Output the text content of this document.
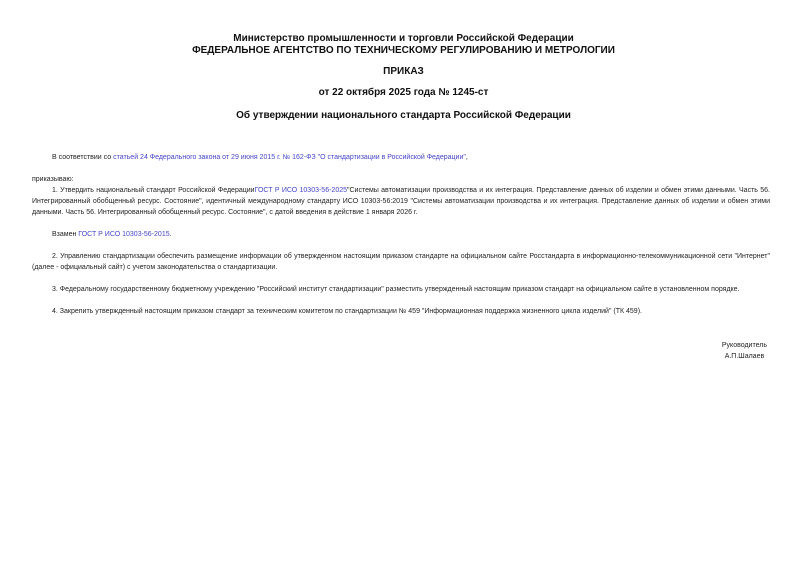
Министерство промышленности и торговли Российской Федерации
ФЕДЕРАЛЬНОЕ АГЕНТСТВО ПО ТЕХНИЧЕСКОМУ РЕГУЛИРОВАНИЮ И МЕТРОЛОГИИ
ПРИКАЗ
от 22 октября 2025 года № 1245-ст
Об утверждении национального стандарта Российской Федерации

В соответствии со статьей 24 Федерального закона от 29 июня 2015 г. № 162-ФЗ "О стандартизации в Российской Федерации",

приказываю:

1. Утвердить национальный стандарт Российской ФедерацииГОСТ Р ИСО 10303-56-2025"Системы автоматизации производства и их интеграция. Представление данных об изделии и обмен этими данными. Часть 56. Интегрированный обобщенный ресурс. Состояние", идентичный международному стандарту ИСО 10303-56:2019 "Системы автоматизации производства и их интеграция. Представление данных об изделии и обмен этими данными. Часть 56. Интегрированный обобщенный ресурс. Состояние", с датой введения в действие 1 января 2026 г.

Взамен ГОСТ Р ИСО 10303-56-2015.

2. Управлению стандартизации обеспечить размещение информации об утвержденном настоящим приказом стандарте на официальном сайте Росстандарта в информационно-телекоммуникационной сети "Интернет" (далее - официальный сайт) с учетом законодательства о стандартизации.

3. Федеральному государственному бюджетному учреждению "Российский институт стандартизации" разместить утвержденный настоящим приказом стандарт на официальном сайте в установленном порядке.

4. Закрепить утвержденный настоящим приказом стандарт за техническим комитетом по стандартизации № 459 "Информационная поддержка жизненного цикла изделий" (ТК 459).

Руководитель
А.П.Шалаев
